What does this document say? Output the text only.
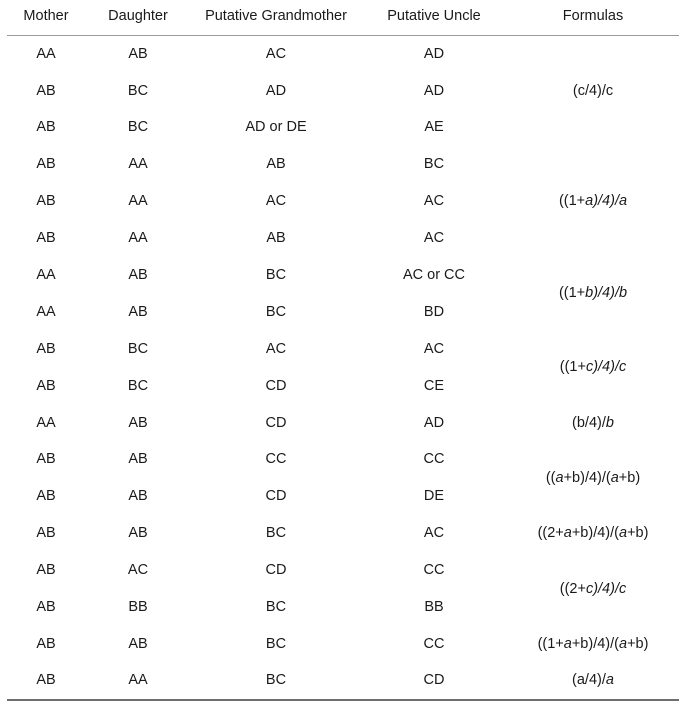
Mother	Daughter	Putative Grandmother	Putative Uncle	Formulas
AA	AB	AC	AD	(c/4)/c
AB	BC	AD	AD	
AB	BC	AD or DE	AE	
AB	AA	AB	BC	((1+a)/4)/a
AB	AA	AC	AC	
AB	AA	AB	AC	
AA	AB	BC	AC or CC	((1+b)/4)/b
AA	AB	BC	BD	
AB	BC	AC	AC	((1+c)/4)/c
AB	BC	CD	CE	
AA	AB	CD	AD	(b/4)/b
AB	AB	CC	CC	((a+b)/4)/(a+b)
AB	AB	CD	DE	
AB	AB	BC	AC	((2+a+b)/4)/(a+b)
AB	AC	CD	CC	((2+c)/4)/c
AB	BB	BC	BB	
AB	AB	BC	CC	((1+a+b)/4)/(a+b)
AB	AA	BC	CD	(a/4)/a
